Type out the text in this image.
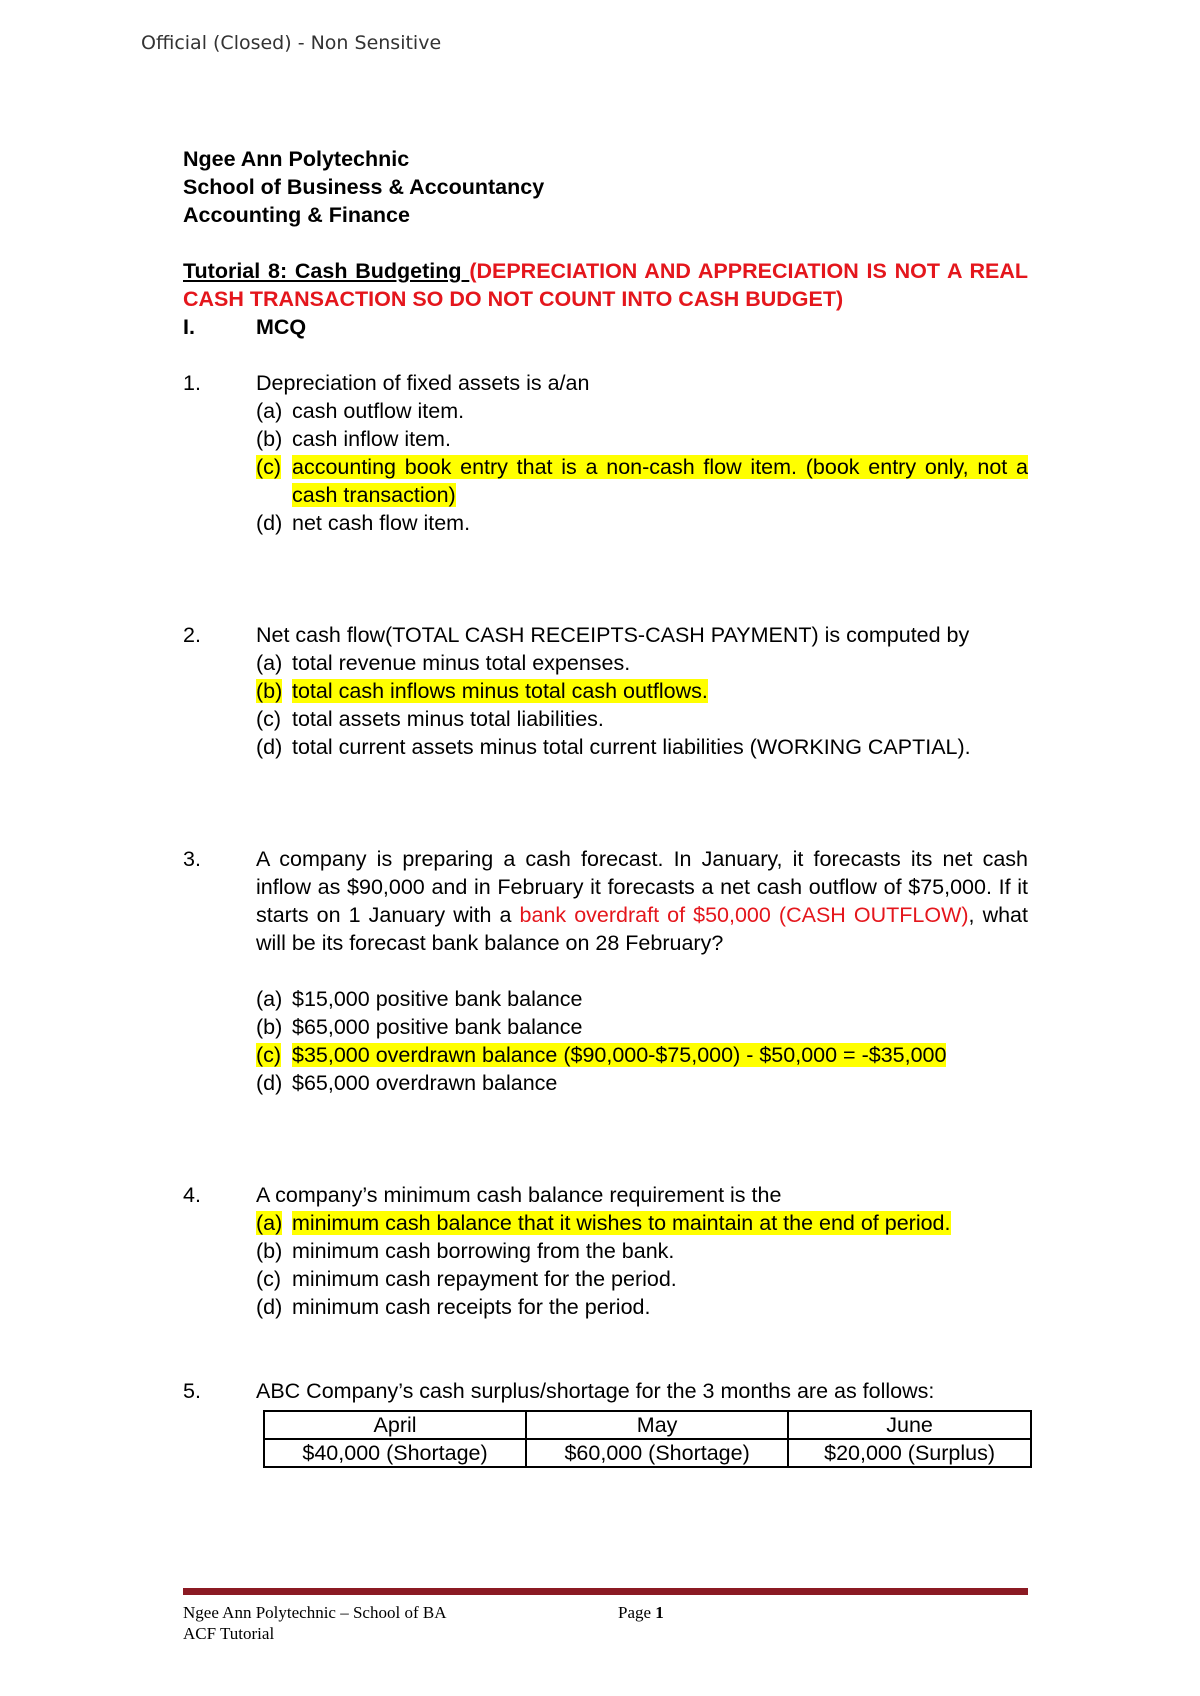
Official (Closed) - Non Sensitive
Ngee Ann Polytechnic
School of Business & Accountancy
Accounting & Finance
Tutorial 8: Cash Budgeting (DEPRECIATION AND APPRECIATION IS NOT A REAL CASH TRANSACTION SO DO NOT COUNT INTO CASH BUDGET)
I.	MCQ
1.	Depreciation of fixed assets is a/an
(a) cash outflow item.
(b) cash inflow item.
(c) accounting book entry that is a non-cash flow item. (book entry only, not a cash transaction)
(d) net cash flow item.
2.	Net cash flow(TOTAL CASH RECEIPTS-CASH PAYMENT) is computed by
(a) total revenue minus total expenses.
(b) total cash inflows minus total cash outflows.
(c) total assets minus total liabilities.
(d) total current assets minus total current liabilities (WORKING CAPTIAL).
3.	A company is preparing a cash forecast. In January, it forecasts its net cash inflow as $90,000 and in February it forecasts a net cash outflow of $75,000. If it starts on 1 January with a bank overdraft of $50,000 (CASH OUTFLOW), what will be its forecast bank balance on 28 February?
(a) $15,000 positive bank balance
(b) $65,000 positive bank balance
(c) $35,000 overdrawn balance ($90,000-$75,000) - $50,000 = -$35,000
(d) $65,000 overdrawn balance
4.	A company’s minimum cash balance requirement is the
(a) minimum cash balance that it wishes to maintain at the end of period.
(b) minimum cash borrowing from the bank.
(c) minimum cash repayment for the period.
(d) minimum cash receipts for the period.
5.	ABC Company’s cash surplus/shortage for the 3 months are as follows:
April	May	June
$40,000 (Shortage)	$60,000 (Shortage)	$20,000 (Surplus)
Ngee Ann Polytechnic – School of BA	Page 1
ACF Tutorial
